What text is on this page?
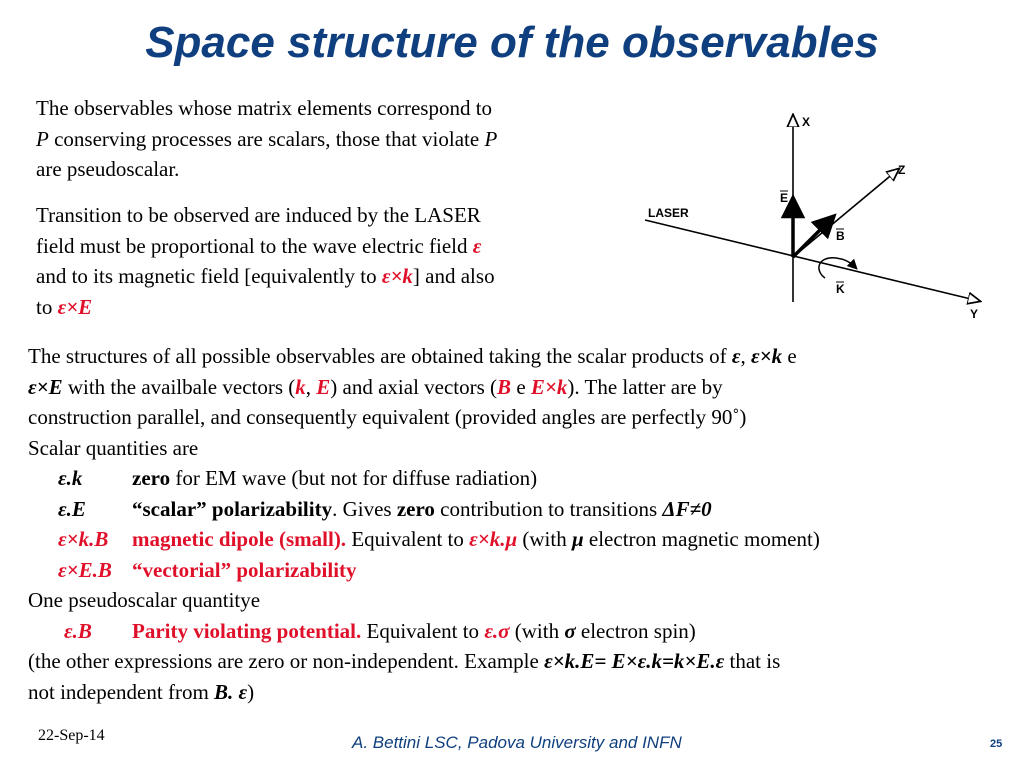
Space structure of the observables
The observables whose matrix elements correspond to
P conserving processes are scalars, those that violate P
are pseudoscalar.
Transition to be observed are induced by the LASER
field must be proportional to the wave electric field ε
and to its magnetic field [equivalently to ε×k] and also
to ε×E
LASER
X
Y
Z
E
B
K
The structures of all possible observables are obtained taking the scalar products of ε, ε×k e
ε×E with the availbale vectors (k, E) and axial vectors (B e E×k). The latter are by
construction parallel, and consequently equivalent (provided angles are perfectly 90˚)
Scalar quantities are
ε.k zero for EM wave (but not for diffuse radiation)
ε.E “scalar” polarizability. Gives zero contribution to transitions ΔF≠0
ε×k.B magnetic dipole (small). Equivalent to ε×k.μ (with μ electron magnetic moment)
ε×E.B “vectorial” polarizability
One pseudoscalar quantitye
ε.B Parity violating potential. Equivalent to ε.σ (with σ electron spin)
(the other expressions are zero or non-independent. Example ε×k.E= E×ε.k=k×E.ε that is
not independent from B. ε)
22-Sep-14	A. Bettini LSC, Padova University and INFN	25
